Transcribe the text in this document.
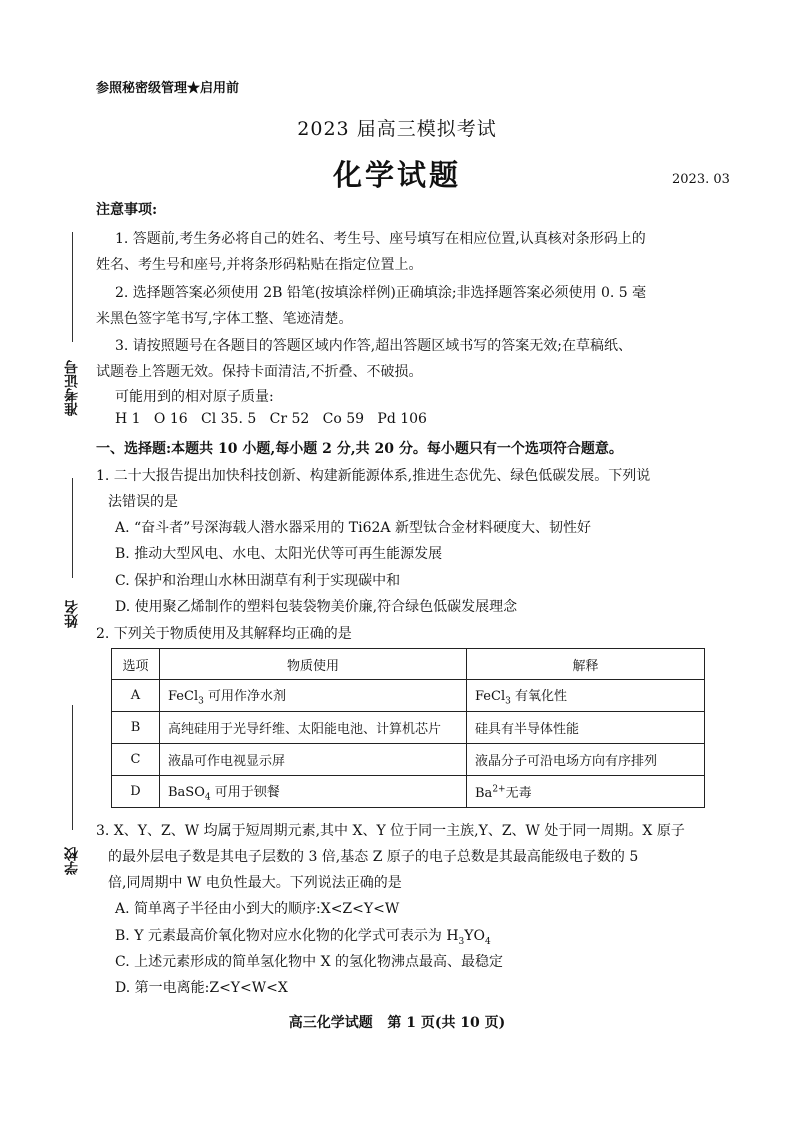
参照秘密级管理★启用前
2023 届高三模拟考试
化学试题	2023. 03
准考证号
姓名
学校
注意事项:
1. 答题前,考生务必将自己的姓名、考生号、座号填写在相应位置,认真核对条形码上的
姓名、考生号和座号,并将条形码粘贴在指定位置上。
2. 选择题答案必须使用 2B 铅笔(按填涂样例)正确填涂;非选择题答案必须使用 0. 5 毫
米黑色签字笔书写,字体工整、笔迹清楚。
3. 请按照题号在各题目的答题区域内作答,超出答题区域书写的答案无效;在草稿纸、
试题卷上答题无效。保持卡面清洁,不折叠、不破损。
可能用到的相对原子质量:
H 1   O 16   Cl 35. 5   Cr 52   Co 59   Pd 106
一、选择题:本题共 10 小题,每小题 2 分,共 20 分。每小题只有一个选项符合题意。
1. 二十大报告提出加快科技创新、构建新能源体系,推进生态优先、绿色低碳发展。下列说
法错误的是
A. “奋斗者”号深海载人潜水器采用的 Ti62A 新型钛合金材料硬度大、韧性好
B. 推动大型风电、水电、太阳光伏等可再生能源发展
C. 保护和治理山水林田湖草有利于实现碳中和
D. 使用聚乙烯制作的塑料包装袋物美价廉,符合绿色低碳发展理念
2. 下列关于物质使用及其解释均正确的是
选项	物质使用	解释
A	FeCl$_3$ 可用作净水剂	FeCl$_3$ 有氧化性
B	高纯硅用于光导纤维、太阳能电池、计算机芯片	硅具有半导体性能
C	液晶可作电视显示屏	液晶分子可沿电场方向有序排列
D	BaSO$_4$ 可用于钡餐	$Ba^{2+}$无毒
3. X、Y、Z、W 均属于短周期元素,其中 X、Y 位于同一主族,Y、Z、W 处于同一周期。X 原子
的最外层电子数是其电子层数的 3 倍,基态 Z 原子的电子总数是其最高能级电子数的 5
倍,同周期中 W 电负性最大。下列说法正确的是
A. 简单离子半径由小到大的顺序:X<Z<Y<W
B. Y 元素最高价氧化物对应水化物的化学式可表示为 $H_3YO_4$
C. 上述元素形成的简单氢化物中 X 的氢化物沸点最高、最稳定
D. 第一电离能:Z<Y<W<X
高三化学试题   第 1 页(共 10 页)
